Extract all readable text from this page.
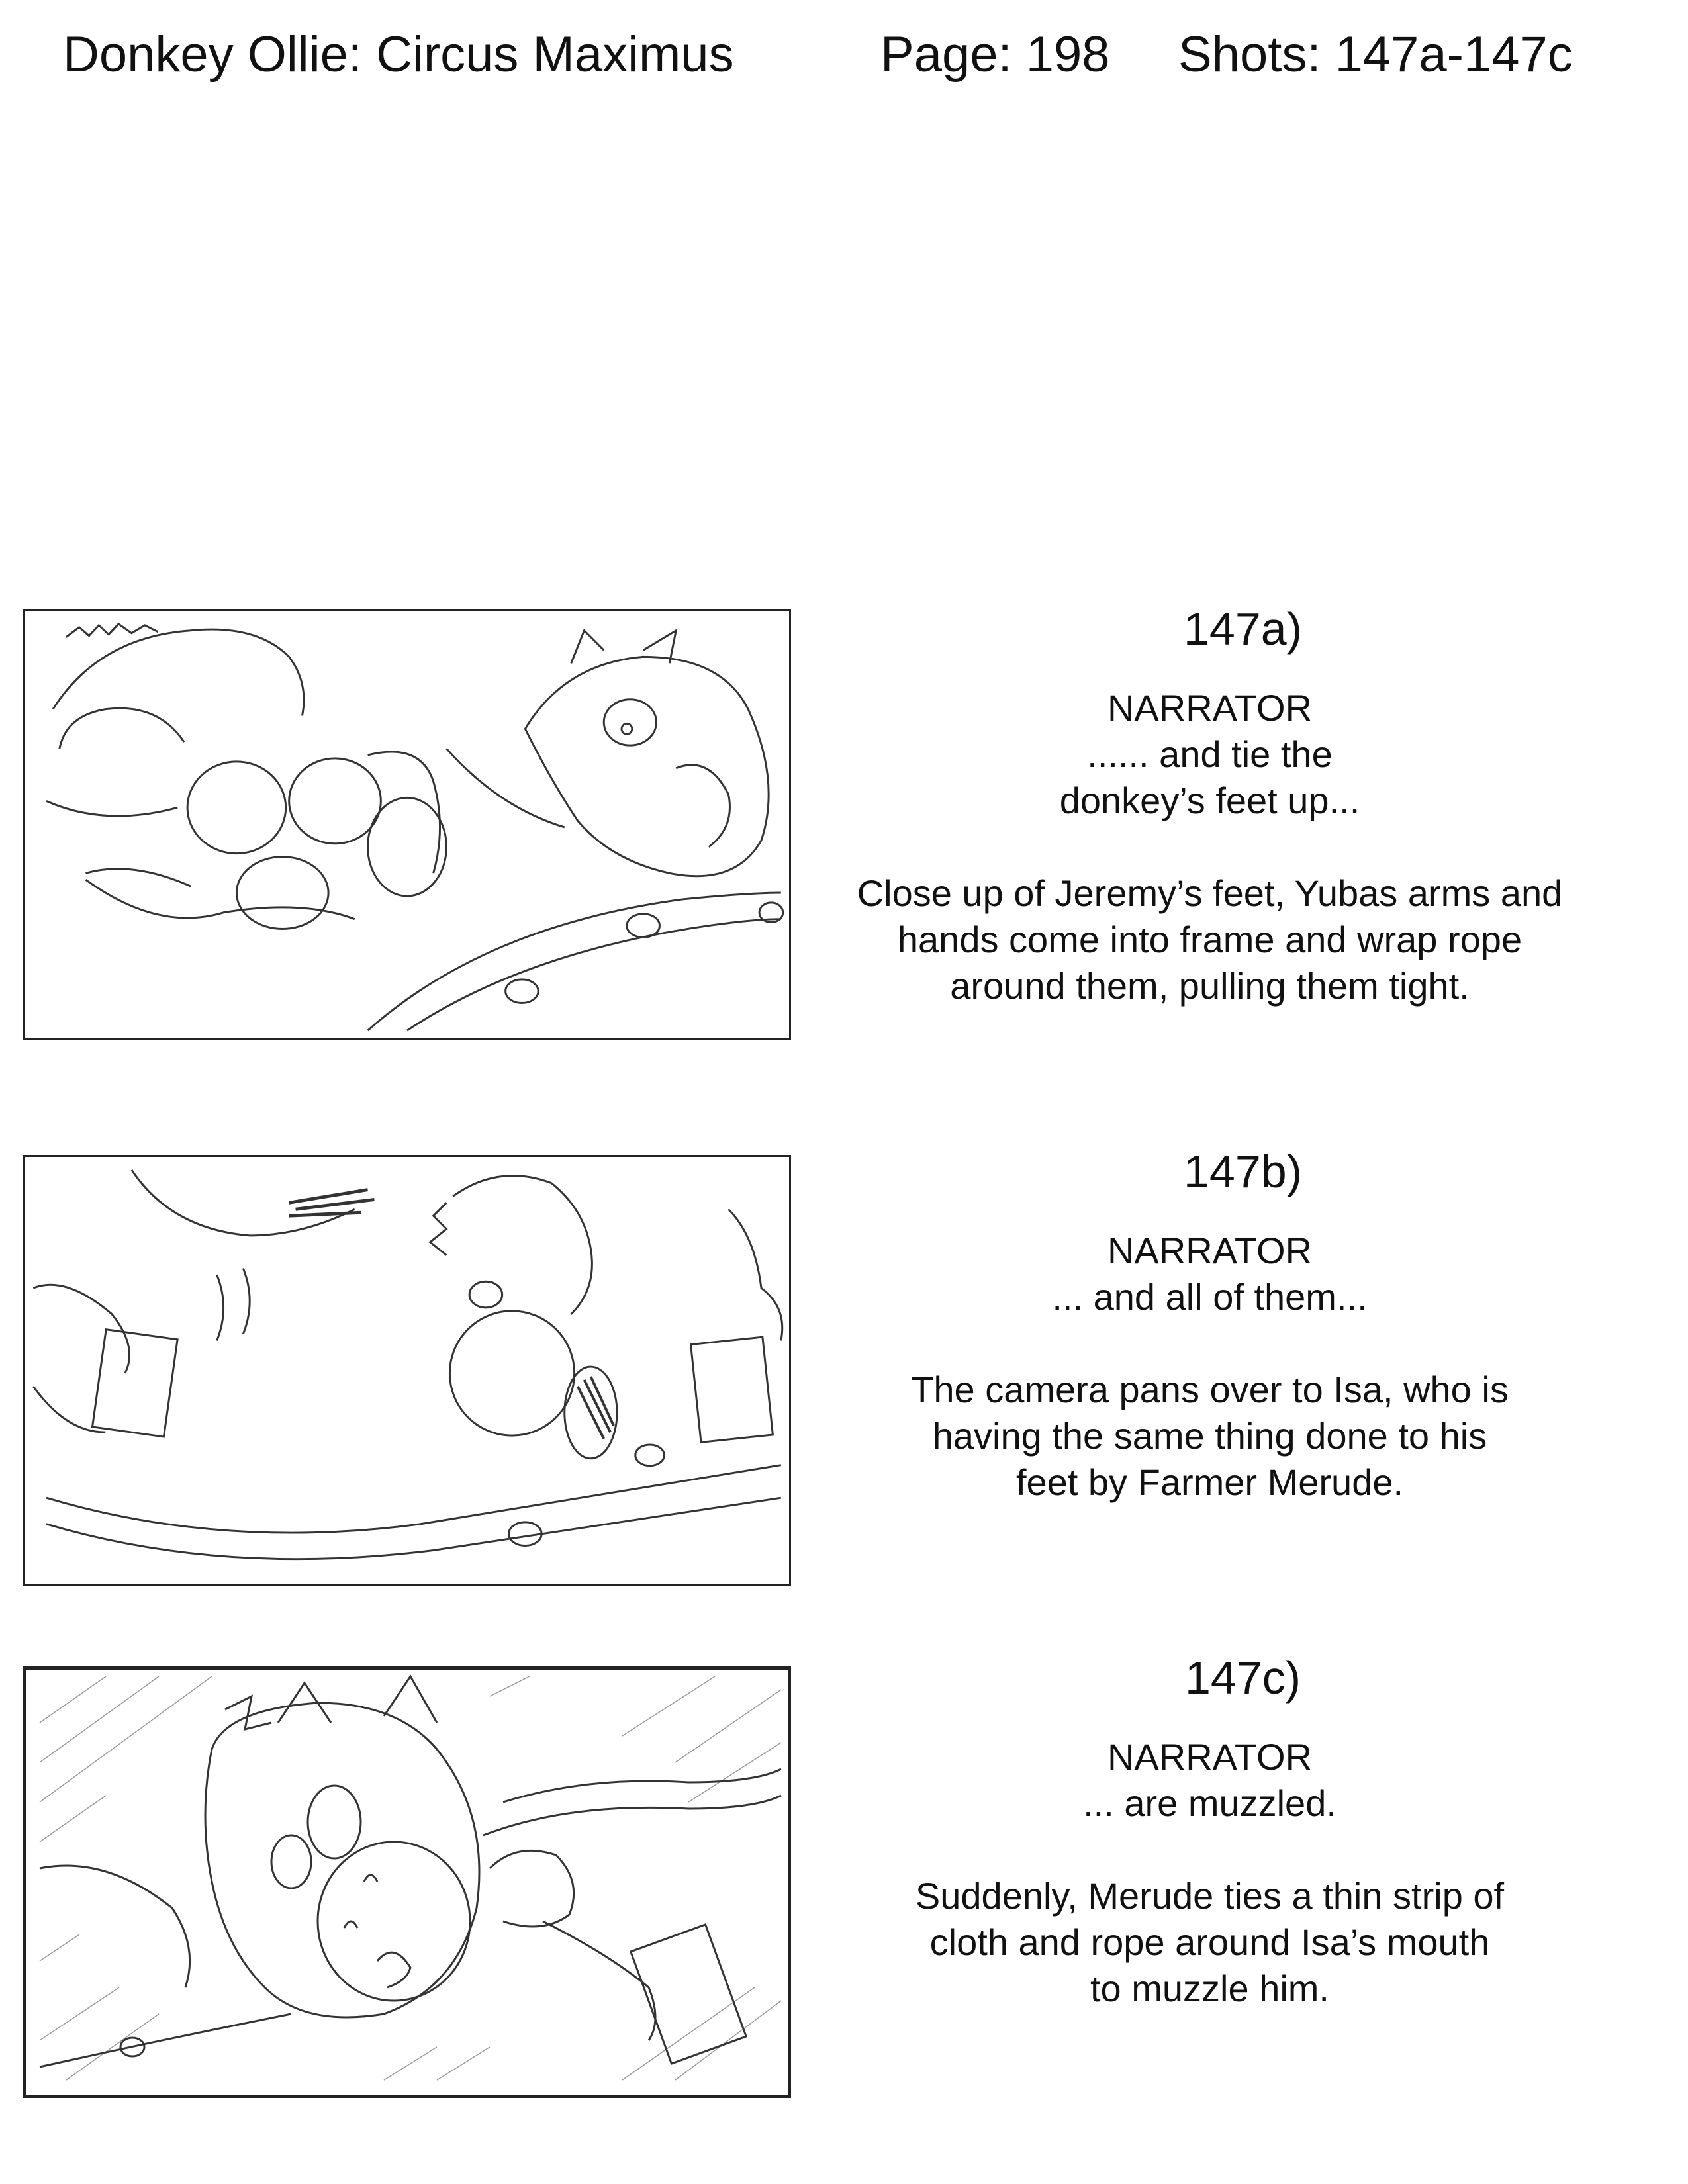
Donkey Ollie: Circus Maximus	Page: 198 Shots: 147a-147c
147a)
NARRATOR
...... and tie the
donkey’s feet up...
Close up of Jeremy’s feet, Yubas arms and
hands come into frame and wrap rope
around them, pulling them tight.
147b)
NARRATOR
... and all of them...
The camera pans over to Isa, who is
having the same thing done to his
feet by Farmer Merude.
147c)
NARRATOR
... are muzzled.
Suddenly, Merude ties a thin strip of
cloth and rope around Isa’s mouth
to muzzle him.
